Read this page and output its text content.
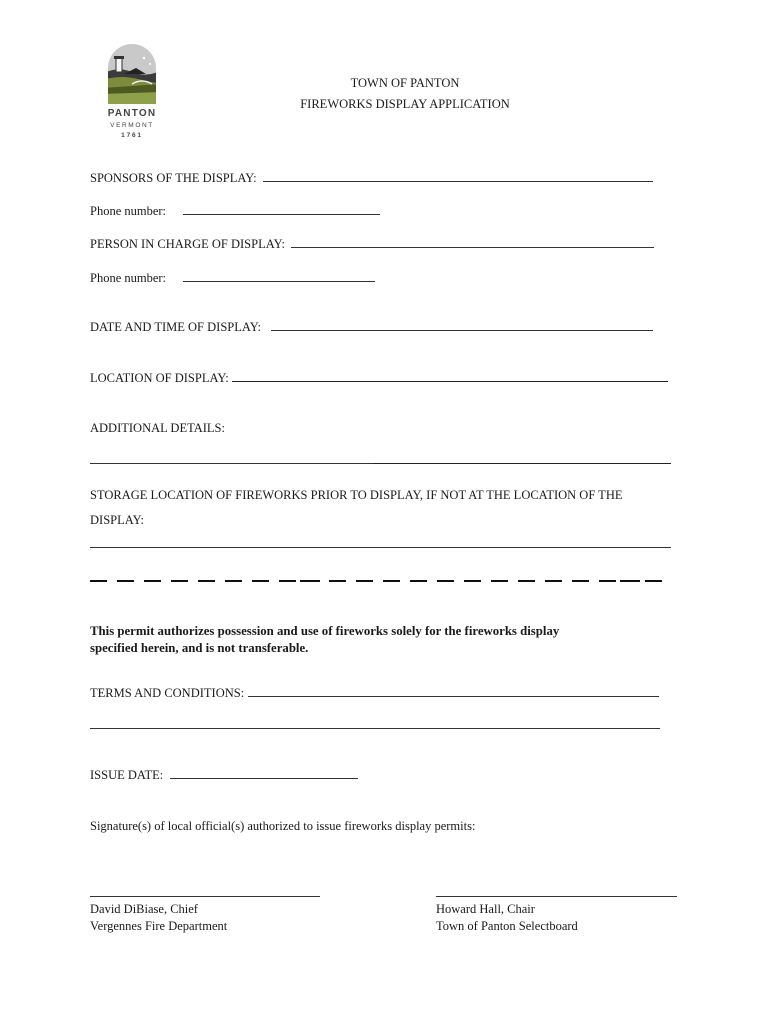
PANTON
VERMONT
1761
TOWN OF PANTON
FIREWORKS DISPLAY APPLICATION
SPONSORS OF THE DISPLAY:
Phone number:
PERSON IN CHARGE OF DISPLAY:
Phone number:
DATE AND TIME OF DISPLAY:
LOCATION OF DISPLAY:
ADDITIONAL DETAILS:
STORAGE LOCATION OF FIREWORKS PRIOR TO DISPLAY, IF NOT AT THE LOCATION OF THE
DISPLAY:
This permit authorizes possession and use of fireworks solely for the fireworks display
specified herein, and is not transferable.
TERMS AND CONDITIONS:
ISSUE DATE:
Signature(s) of local official(s) authorized to issue fireworks display permits:
David DiBiase, Chief
Vergennes Fire Department
Howard Hall, Chair
Town of Panton Selectboard
